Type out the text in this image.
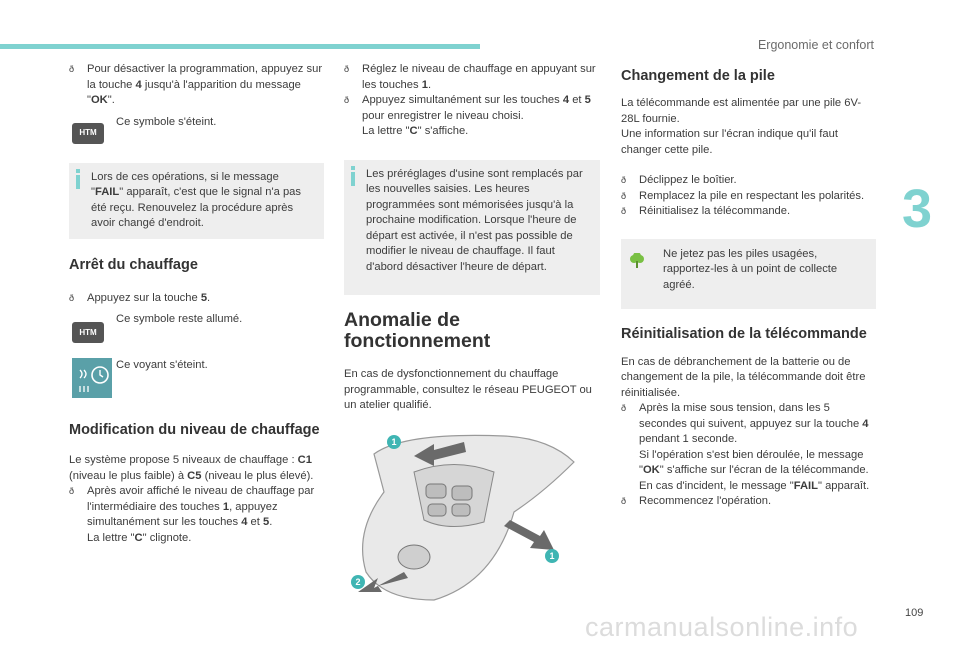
Ergonomie et confort
3
109
carmanualsonline.info

ð Pour désactiver la programmation, appuyez sur la touche 4 jusqu'à l'apparition du message "OK".

HTM
Ce symbole s'éteint.

Lors de ces opérations, si le message "FAIL" apparaît, c'est que le signal n'a pas été reçu. Renouvelez la procédure après avoir changé d'endroit.

Arrêt du chauffage

ð Appuyez sur la touche 5.

HTM
Ce symbole reste allumé.
Ce voyant s'éteint.
Modification du niveau de chauffage

Le système propose 5 niveaux de chauffage : C1 (niveau le plus faible) à C5 (niveau le plus élevé).

ð Après avoir affiché le niveau de chauffage par l'intermédiaire des touches 1, appuyez simultanément sur les touches 4 et 5.

La lettre "C" clignote.

ð Réglez le niveau de chauffage en appuyant sur les touches 1.

ð Appuyez simultanément sur les touches 4 et 5 pour enregistrer le niveau choisi.

La lettre "C" s'affiche.

Les préréglages d'usine sont remplacés par les nouvelles saisies. Les heures programmées sont mémorisées jusqu'à la prochaine modification. Lorsque l'heure de départ est activée, il n'est pas possible de modifier le niveau de chauffage. Il faut d'abord désactiver l'heure de départ.

Anomalie de fonctionnement

En cas de dysfonctionnement du chauffage programmable, consultez le réseau PEUGEOT ou un atelier qualifié.

1
1
2
Changement de la pile

La télécommande est alimentée par une pile 6V-28L fournie.

Une information sur l'écran indique qu'il faut changer cette pile.

ð Déclippez le boîtier.

ð Remplacez la pile en respectant les polarités.

ð Réinitialisez la télécommande.

Ne jetez pas les piles usagées, rapportez-les à un point de collecte agréé.

Réinitialisation de la télécommande

En cas de débranchement de la batterie ou de changement de la pile, la télécommande doit être réinitialisée.

ð Après la mise sous tension, dans les 5 secondes qui suivent, appuyez sur la touche 4 pendant 1 seconde.

Si l'opération s'est bien déroulée, le message "OK" s'affiche sur l'écran de la télécommande.

En cas d'incident, le message "FAIL" apparaît.

ð Recommencez l'opération.
